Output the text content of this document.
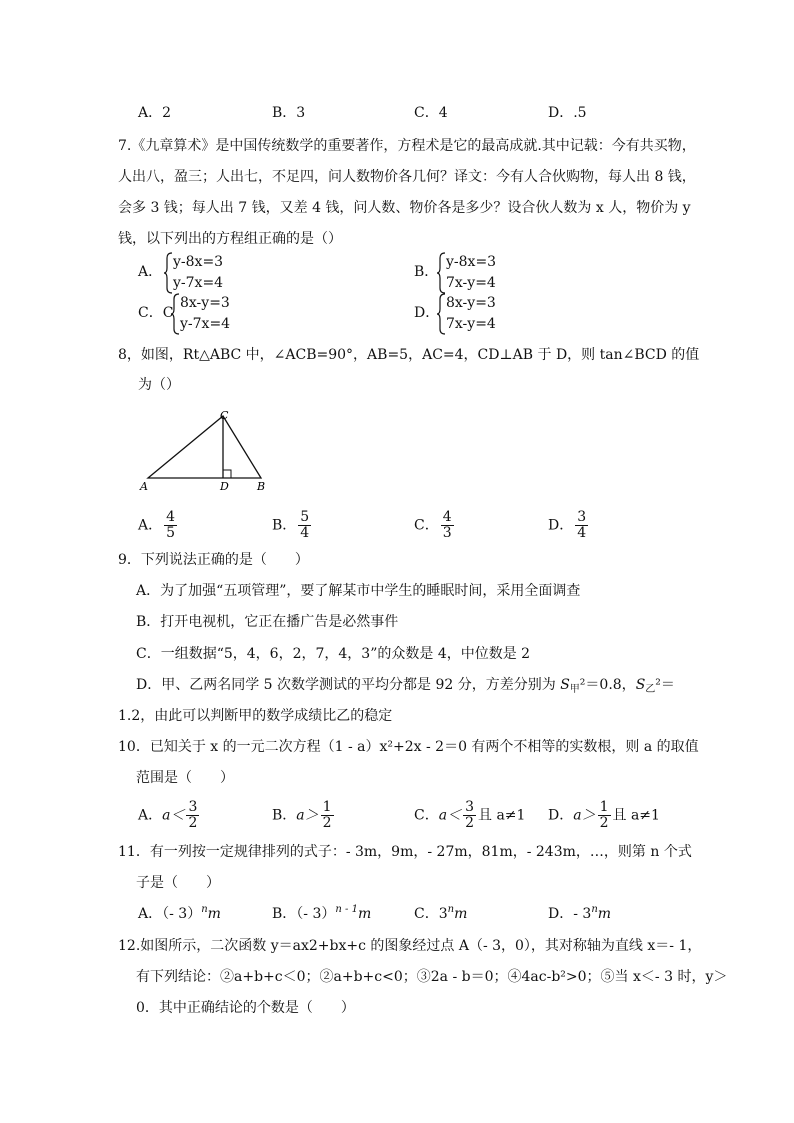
A．2	B．3	C．4	D．.5
7.《九章算术》是中国传统数学的重要著作，方程术是它的最高成就.其中记载：今有共买物，
人出八，盈三；人出七，不足四，问人数物价各几何？译文：今有人合伙购物，每人出 8 钱，
会多 3 钱；每人出 7 钱，又差 4 钱，问人数、物价各是多少？设合伙人数为 x 人，物价为 y
钱，以下列出的方程组正确的是（）
A．
y-8x=3
y-7x=4
B．
y-8x=3
7x-y=4
C．C
8x-y=3
y-7x=4
D．
8x-y=3
7x-y=4
8，如图，Rt△ABC 中，∠ACB=90°，AB=5，AC=4，CD⊥AB 于 D，则 tan∠BCD 的值
为（）
A
C
D	B
A． $\frac{4}{5}$	B． $\frac{5}{4}$	C． $\frac{4}{3}$	D． $\frac{3}{4}$
9．下列说法正确的是（　　）
A．为了加强“五项管理”，要了解某市中学生的睡眠时间，采用全面调查
B．打开电视机，它正在播广告是必然事件
C．一组数据“5，4，6，2，7，4，3”的众数是 4，中位数是 2
D．甲、乙两名同学 5 次数学测试的平均分都是 92 分，方差分别为 $S_甲^2=0.8$，$S_乙^2=$
1.2，由此可以判断甲的数学成绩比乙的稳定
10．已知关于 x 的一元二次方程（1 - a）x²+2x - 2＝0 有两个不相等的实数根，则 a 的取值
范围是（　　）
A．$a< \frac{3}{2}$	B．$a> \frac{1}{2}$	C．$a< \frac{3}{2}$ 且 a≠1 D．$a> \frac{1}{2}$ 且 a≠1
11．有一列按一定规律排列的式子：- 3m，9m，- 27m，81m，- 243m，…，则第 n 个式
子是（　　）
A．（- 3）$^n$m	B．（- 3）$^{n - 1}$m	C．3$^n$m	D．- 3$^n$m
12.如图所示，二次函数 y＝ax2+bx+c 的图象经过点 A（- 3，0），其对称轴为直线 x＝- 1，
有下列结论：②a+b+c＜0；②a+b+c<0；③2a - b＝0；④4ac-b²>0；⑤当 x＜- 3 时，y＞
0．其中正确结论的个数是（　　）
